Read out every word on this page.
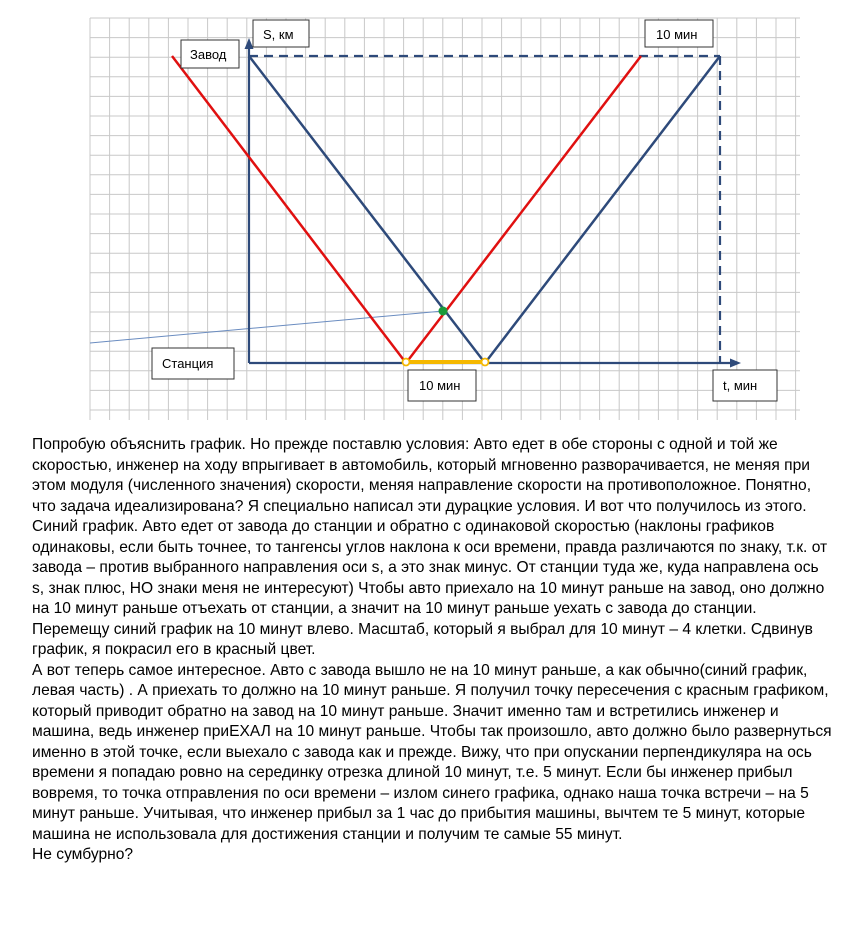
S, км
Завод
10 мин
Станция
10 мин	t, мин

Попробую объяснить график. Но прежде поставлю условия: Авто едет в обе стороны с одной и той же скоростью, инженер на ходу впрыгивает в автомобиль, который мгновенно разворачивается, не меняя при этом модуля (численного значения) скорости, меняя направление скорости на противоположное. Понятно, что задача идеализирована? Я специально написал эти дурацкие условия. И вот что получилось из этого.

Синий график. Авто едет от завода до станции и обратно с одинаковой скоростью (наклоны графиков одинаковы, если быть точнее, то тангенсы углов наклона к оси времени, правда различаются по знаку, т.к. от завода – против выбранного направления оси s, а это знак минус. От станции туда же, куда направлена ось s, знак плюс, НО знаки меня не интересуют) Чтобы авто приехало на 10 минут раньше на завод, оно должно на 10 минут раньше отъехать от станции, а значит на 10 минут раньше уехать с завода до станции. Перемещу синий график на 10 минут влево. Масштаб, который я выбрал для 10 минут – 4 клетки. Сдвинув график, я покрасил его в красный цвет.

А вот теперь самое интересное. Авто с завода вышло не на 10 минут раньше, а как обычно(синий график, левая часть) . А приехать то должно на 10 минут раньше. Я получил точку пересечения с красным графиком, который приводит обратно на завод на 10 минут раньше. Значит именно там и встретились инженер и машина, ведь инженер приЕХАЛ на 10 минут раньше. Чтобы так произошло, авто должно было развернуться именно в этой точке, если выехало с завода как и прежде. Вижу, что при опускании перпендикуляра на ось времени я попадаю ровно на серединку отрезка длиной 10 минут, т.е. 5 минут. Если бы инженер прибыл вовремя, то точка отправления по оси времени – излом синего графика, однако наша точка встречи – на 5 минут раньше. Учитывая, что инженер прибыл за 1 час до прибытия машины, вычтем те 5 минут, которые машина не использовала для достижения станции и получим те самые 55 минут.

Не сумбурно?
